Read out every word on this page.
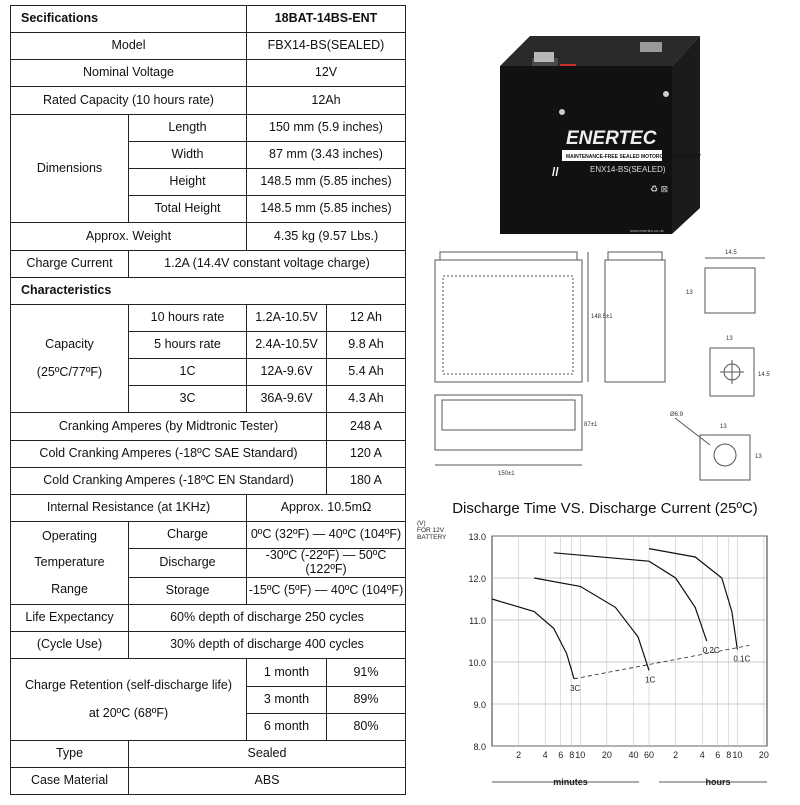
Secifications		18BAT-14BS-ENT	
Model		FBX14-BS(SEALED)	
Nominal Voltage		12V	
Rated Capacity (10 hours rate)		12Ah	
Dimensions	Length	150 mm (5.9 inches)	
	Width	87 mm (3.43 inches)	
	Height	148.5 mm (5.85 inches)	
	Total Height	148.5 mm (5.85 inches)	
Approx. Weight		4.35 kg (9.57 Lbs.)	
Charge Current	1.2A (14.4V constant voltage charge)		
Characteristics			

Capacity
(25ºC/77ºF)	10 hours rate	1.2A-10.5V	12 Ah
	5 hours rate	2.4A-10.5V	9.8 Ah
	1C	12A-9.6V	5.4 Ah
	3C	36A-9.6V	4.3 Ah
Cranking Amperes (by Midtronic Tester)			248 A
Cold Cranking Amperes (-18ºC SAE Standard)			120 A
Cold Cranking Amperes (-18ºC EN Standard)			180 A
Internal Resistance (at 1KHz)		Approx. 10.5mΩ	

Operating
Temperature
Range	Charge	0ºC (32ºF) — 40ºC (104ºF)	
	Discharge	-30ºC (-22ºF) — 50ºC (122ºF)	
	Storage	-15ºC (5ºF) — 40ºC (104ºF)	
Life Expectancy	60% depth of discharge 250 cycles		
(Cycle Use)	30% depth of discharge 400 cycles		

Charge Retention (self-discharge life)
at 20ºC (68ºF)		1 month	91%
		3 month	89%
		6 month	80%
Type	Sealed		
Case Material	ABS		
ENERTEC
MAINTENANCE-FREE SEALED MOTORCYCLE BATTERY
ENX14-BS(SEALED)
//
♻ ⊠
www.enertec.co.uk
14.5
13
148.5±1
13
14.5
87±1
150±1
13
13
Ø6.9
Discharge Time VS. Discharge Current (25ºC)
(V)
FOR 12V
BATTERY 13.0
12.0
11.0
10.0
9.0
8.0
3C
1C
0.2C
0.1C
2 4 6 8 10 20 40 60 2 4 6 8 10 20
minutes	hours
